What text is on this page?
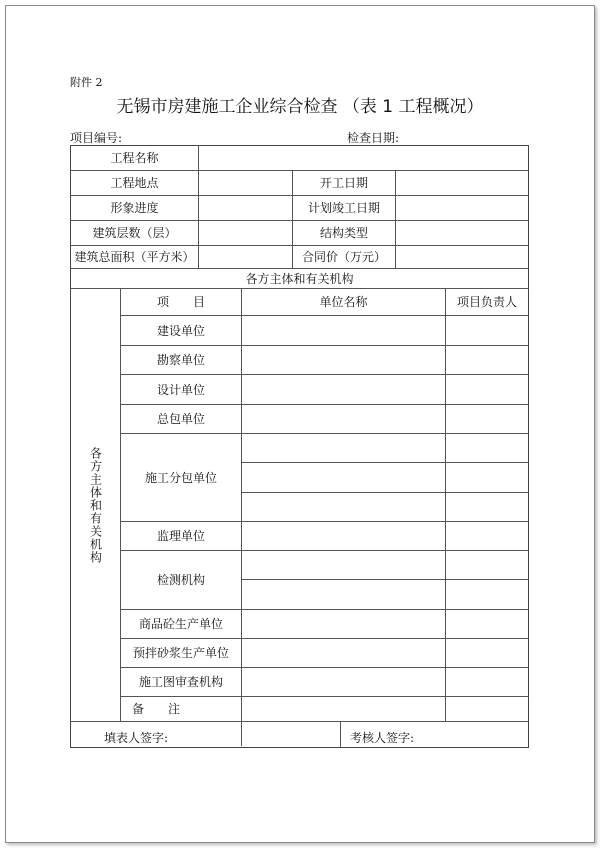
附件 2
无锡市房建施工企业综合检查 （表 1 工程概况）
项目编号:	检查日期:
工程名称
工程地点	开工日期
形象进度	计划竣工日期
建筑层数（层）	结构类型
建筑总面积（平方米）	合同价（万元）
各方主体和有关机构
各方主体和有关机构
项　　目	单位名称	项目负责人
建设单位
勘察单位
设计单位
总包单位
施工分包单位
监理单位
检测机构
商品砼生产单位
预拌砂浆生产单位
施工图审查机构
备　　注
填表人签字:	考核人签字:
